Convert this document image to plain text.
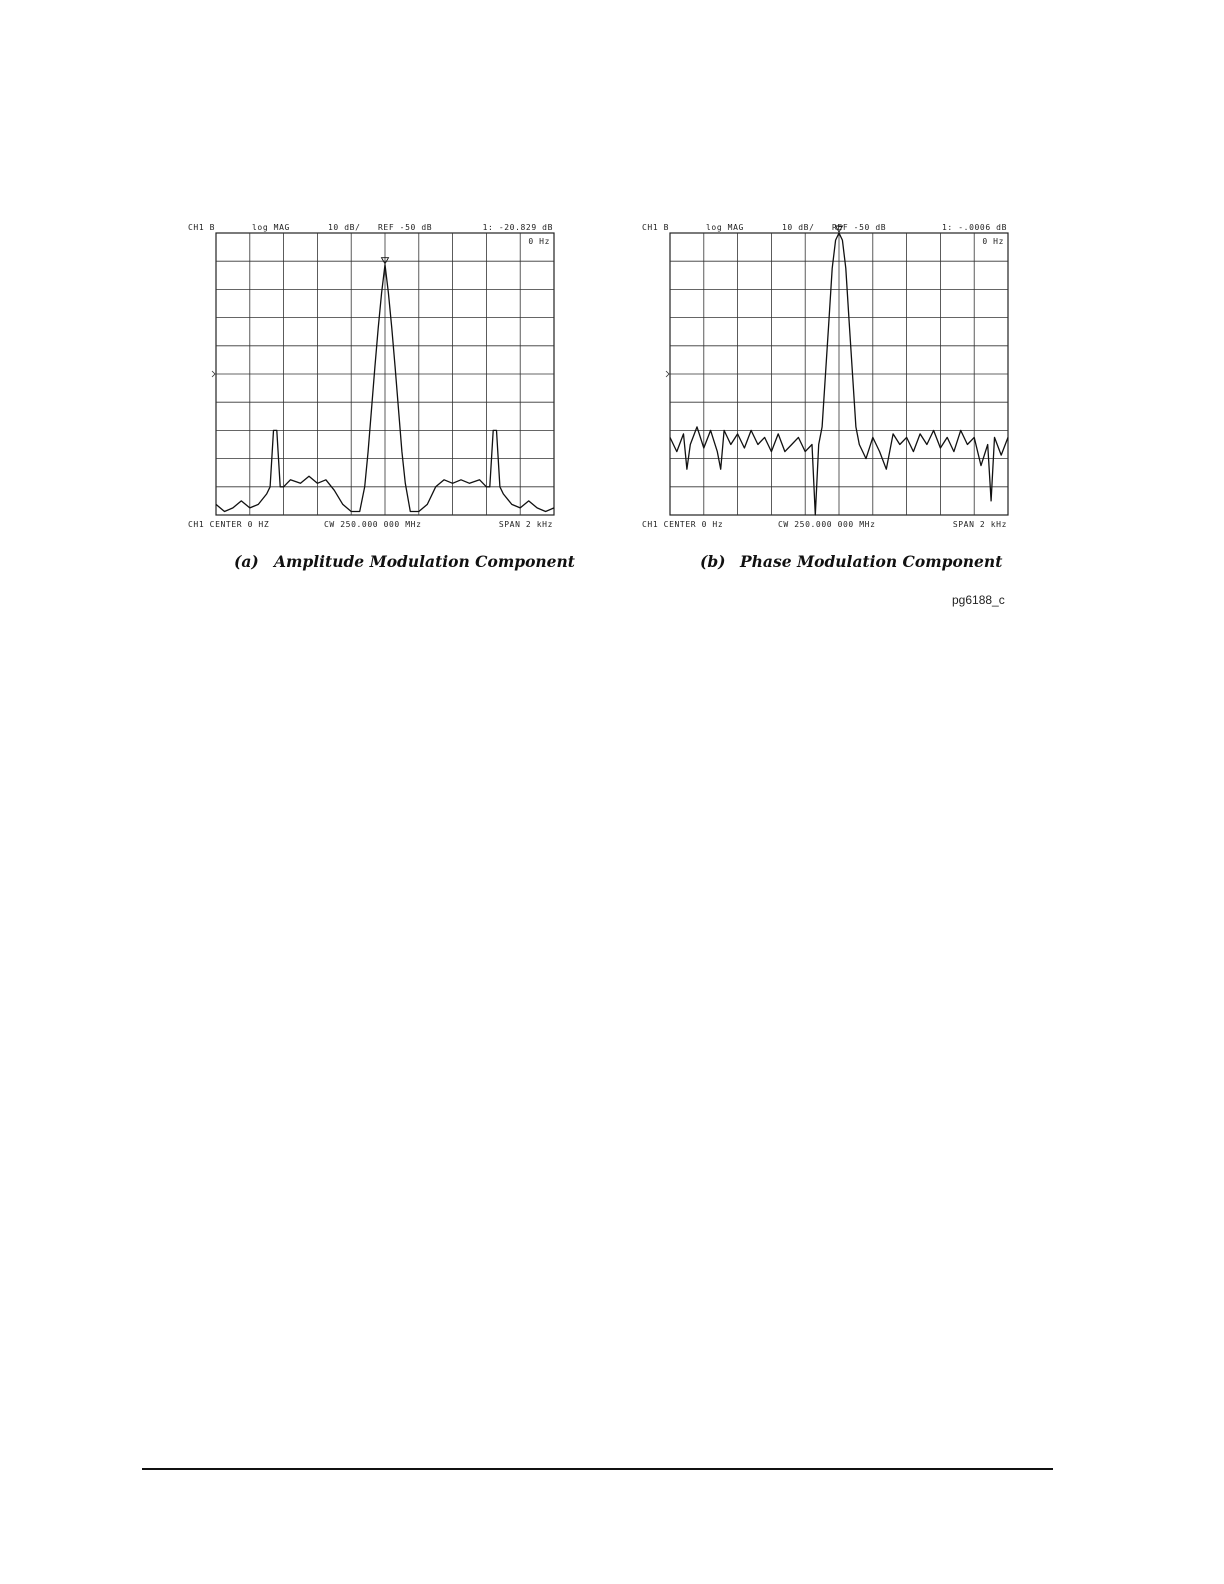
CH1 B	log MAG	10 dB/ REF -50 dB	1: -20.829 dB
0 Hz
CH1 CENTER 0 HZ	CW 250.000 000 MHz	SPAN 2 kHz
CH1 B	log MAG	10 dB/ REF -50 dB	1: -.0006 dB
0 Hz
CH1 CENTER 0 Hz	CW 250.000 000 MHz	SPAN 2 kHz
(a) Amplitude Modulation Component	(b) Phase Modulation Component
pg6188_c
